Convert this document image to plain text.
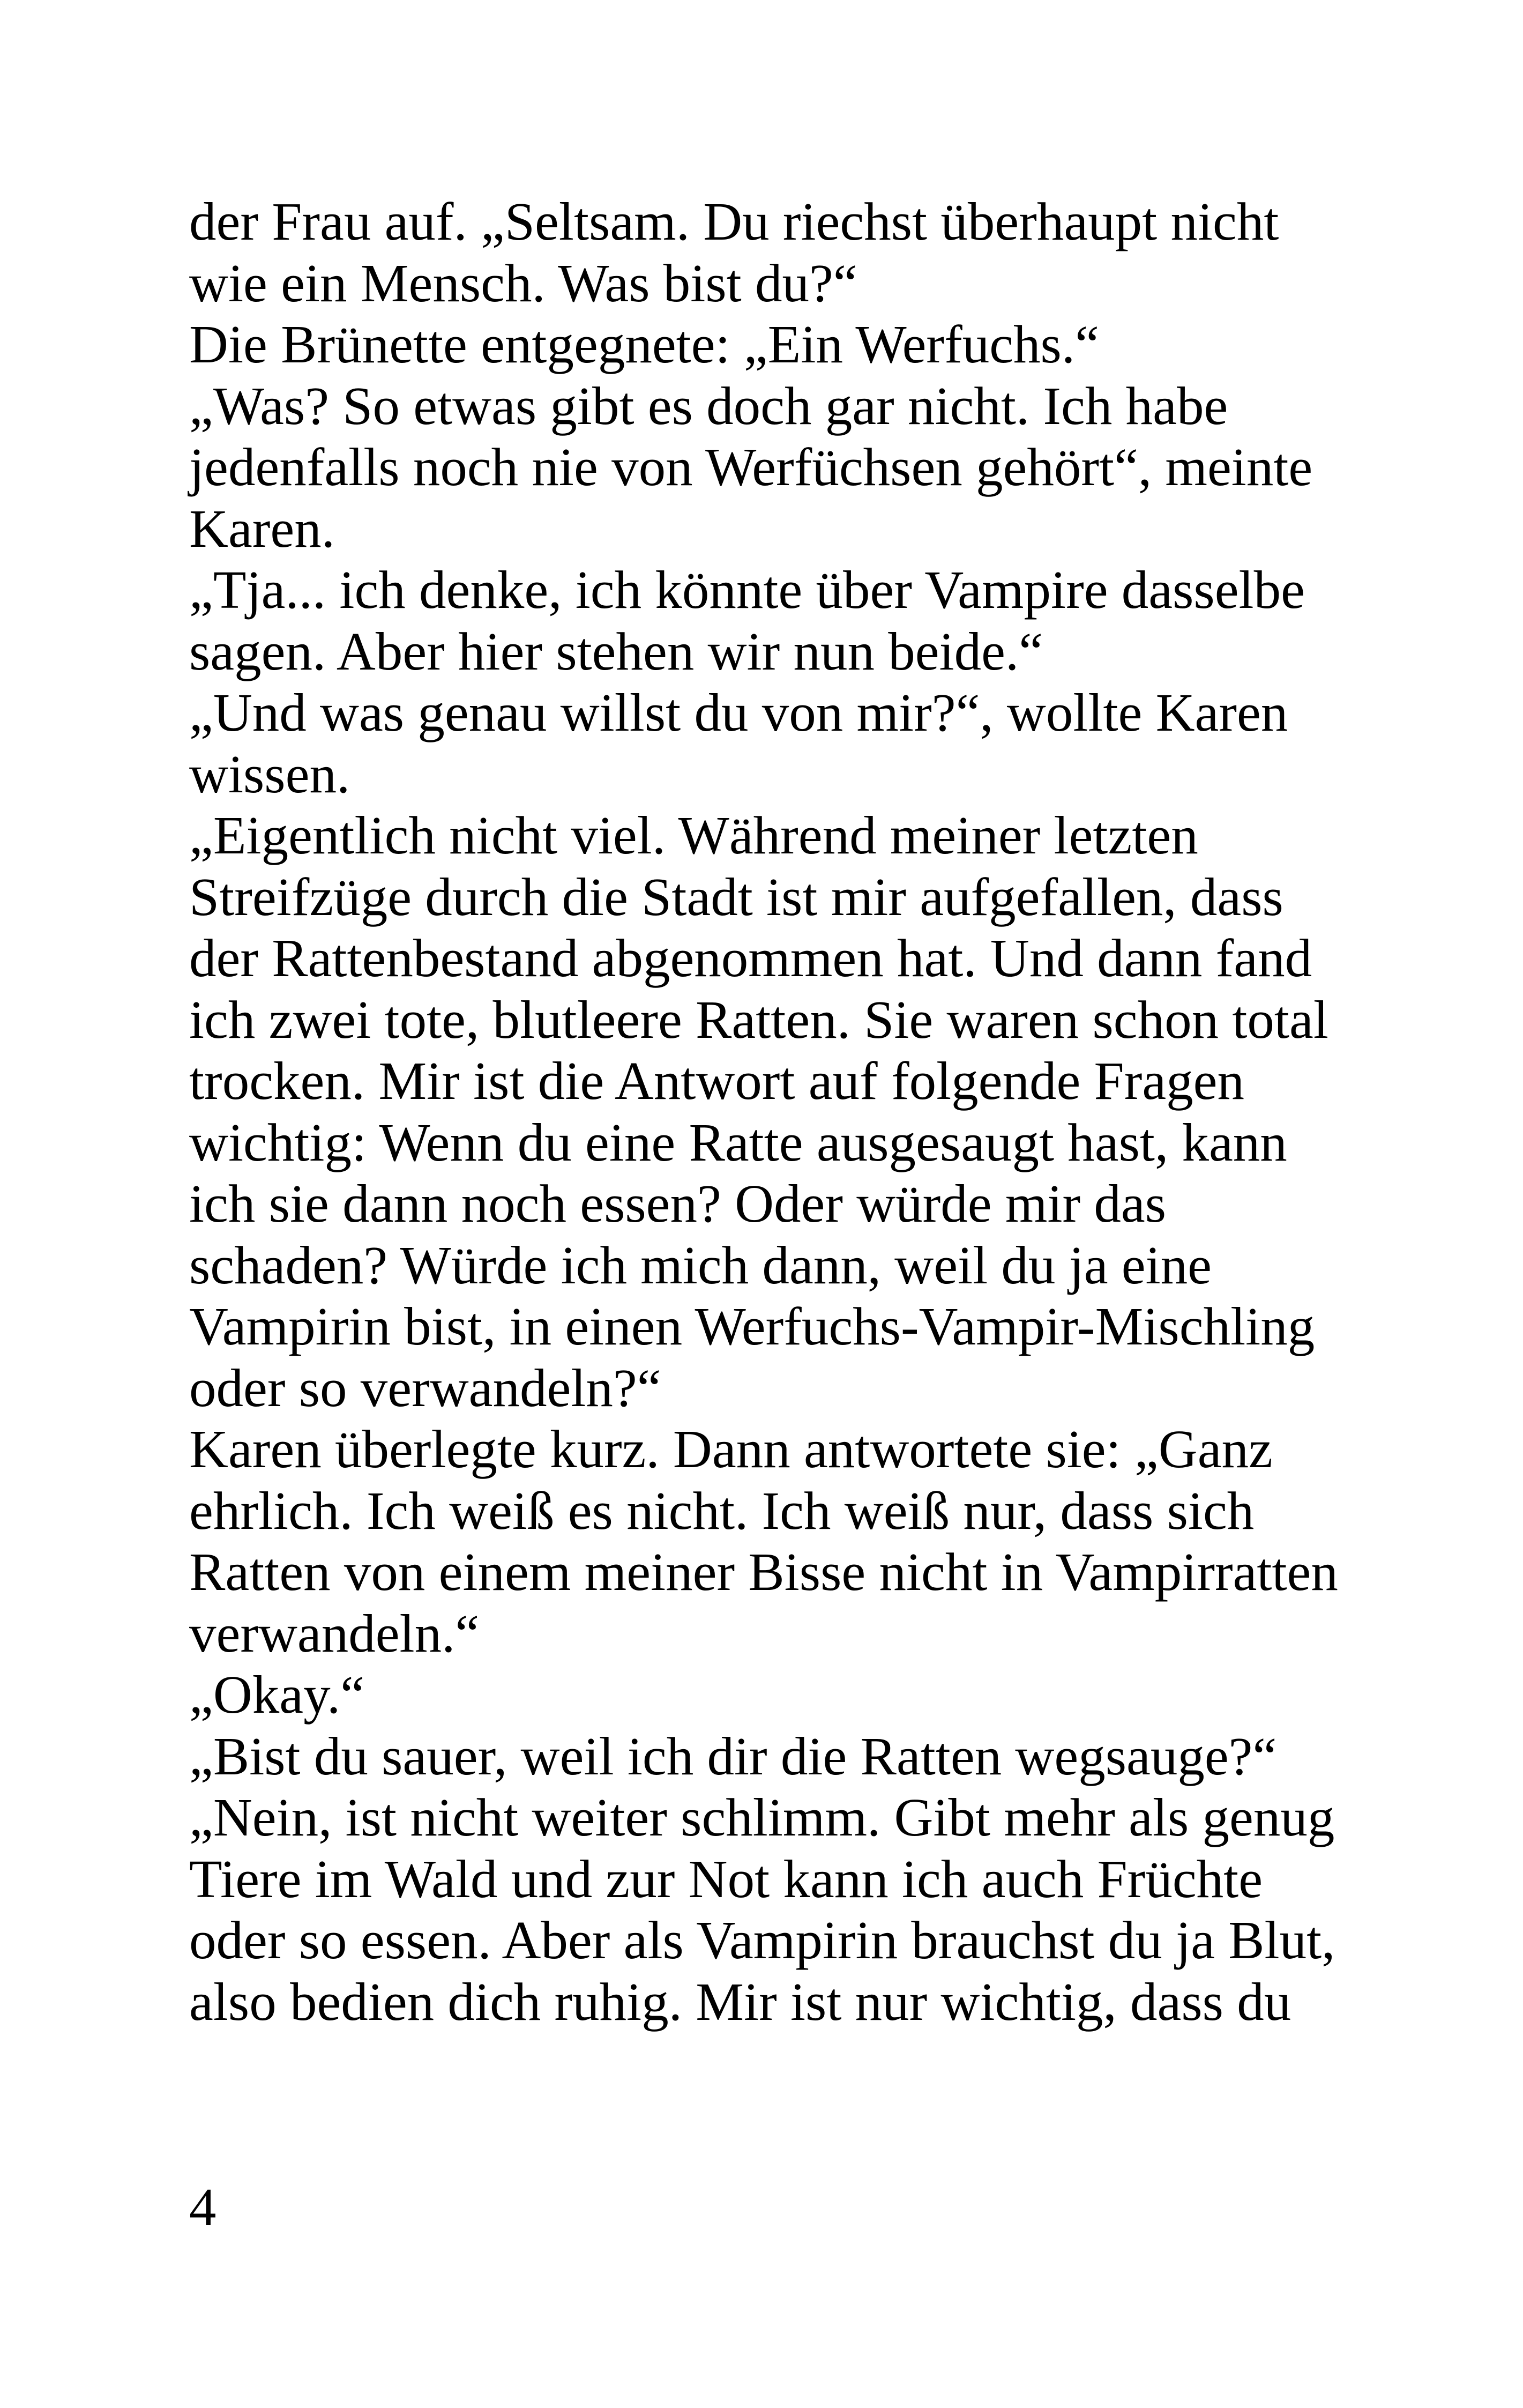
der Frau auf. „Seltsam. Du riechst überhaupt nicht
wie ein Mensch. Was bist du?“
Die Brünette entgegnete: „Ein Werfuchs.“
„Was? So etwas gibt es doch gar nicht. Ich habe
jedenfalls noch nie von Werfüchsen gehört“, meinte
Karen.
„Tja... ich denke, ich könnte über Vampire dasselbe
sagen. Aber hier stehen wir nun beide.“
„Und was genau willst du von mir?“, wollte Karen
wissen.
„Eigentlich nicht viel. Während meiner letzten
Streifzüge durch die Stadt ist mir aufgefallen, dass
der Rattenbestand abgenommen hat. Und dann fand
ich zwei tote, blutleere Ratten. Sie waren schon total
trocken. Mir ist die Antwort auf folgende Fragen
wichtig: Wenn du eine Ratte ausgesaugt hast, kann
ich sie dann noch essen? Oder würde mir das
schaden? Würde ich mich dann, weil du ja eine
Vampirin bist, in einen Werfuchs-Vampir-Mischling
oder so verwandeln?“
Karen überlegte kurz. Dann antwortete sie: „Ganz
ehrlich. Ich weiß es nicht. Ich weiß nur, dass sich
Ratten von einem meiner Bisse nicht in Vampirratten
verwandeln.“
„Okay.“
„Bist du sauer, weil ich dir die Ratten wegsauge?“
„Nein, ist nicht weiter schlimm. Gibt mehr als genug
Tiere im Wald und zur Not kann ich auch Früchte
oder so essen. Aber als Vampirin brauchst du ja Blut,
also bedien dich ruhig. Mir ist nur wichtig, dass du
4
